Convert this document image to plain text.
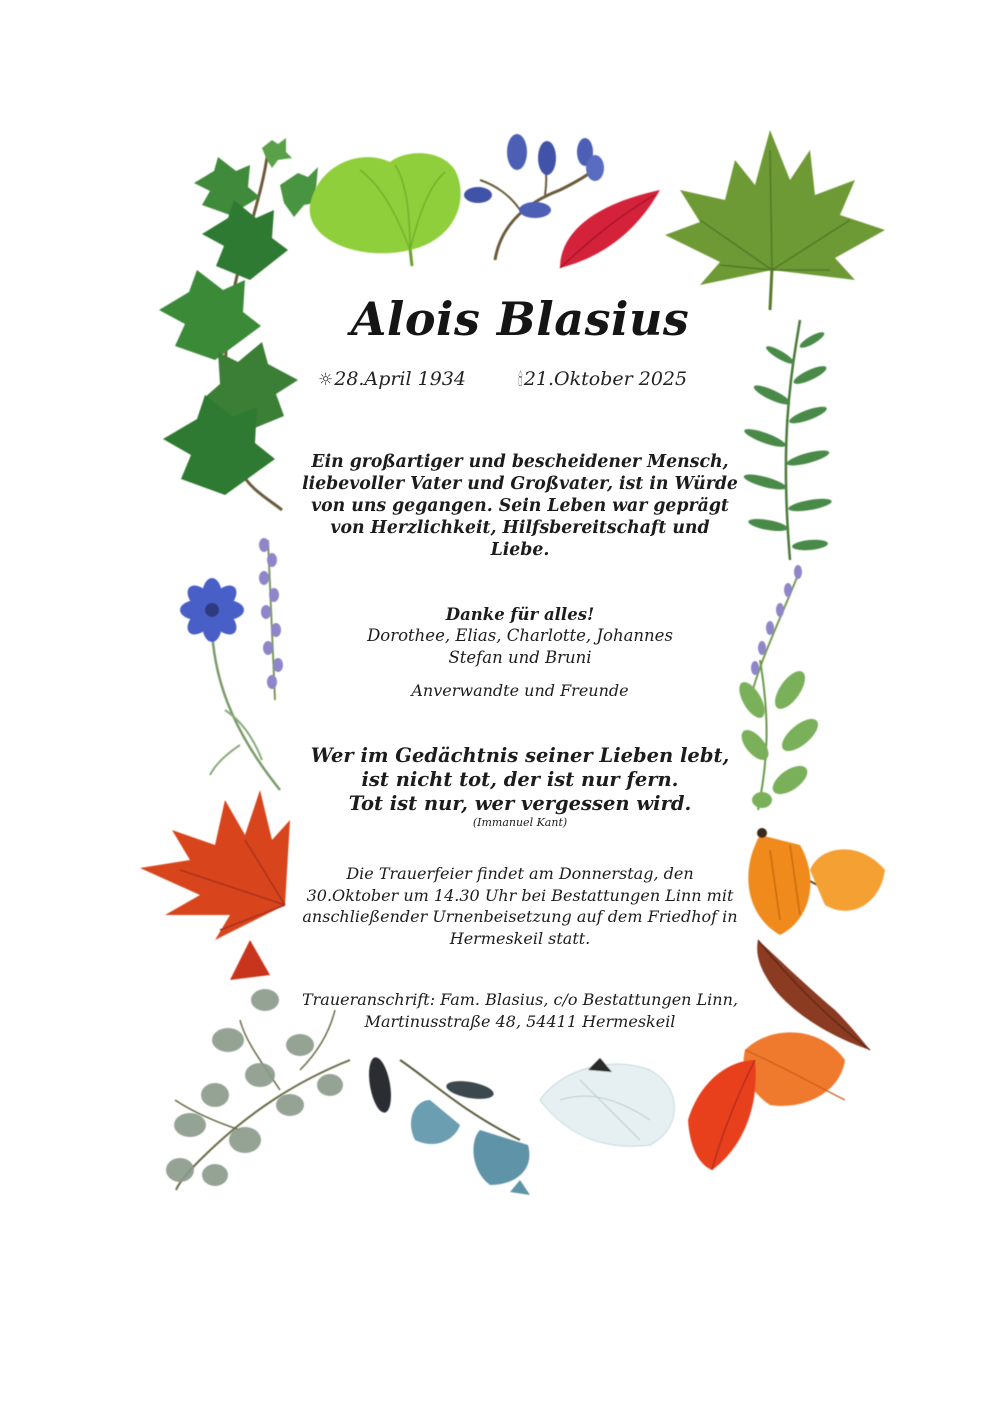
Alois Blasius
☼28.April 1934	🕯21.Oktober 2025

Ein großartiger und bescheidener Mensch, liebevoller Vater und Großvater, ist in Würde von uns gegangen. Sein Leben war geprägt von Herzlichkeit, Hilfsbereitschaft und Liebe.

Danke für alles!

Dorothee, Elias, Charlotte, Johannes
Stefan und Bruni

Anverwandte und Freunde

Wer im Gedächtnis seiner Lieben lebt,
ist nicht tot, der ist nur fern.
Tot ist nur, wer vergessen wird.

(Immanuel Kant)

Die Trauerfeier findet am Donnerstag, den 30.Oktober um 14.30 Uhr bei Bestattungen Linn mit anschließender Urnenbeisetzung auf dem Friedhof in Hermeskeil statt.

Traueranschrift: Fam. Blasius, c/o Bestattungen Linn, Martinusstraße 48, 54411 Hermeskeil
